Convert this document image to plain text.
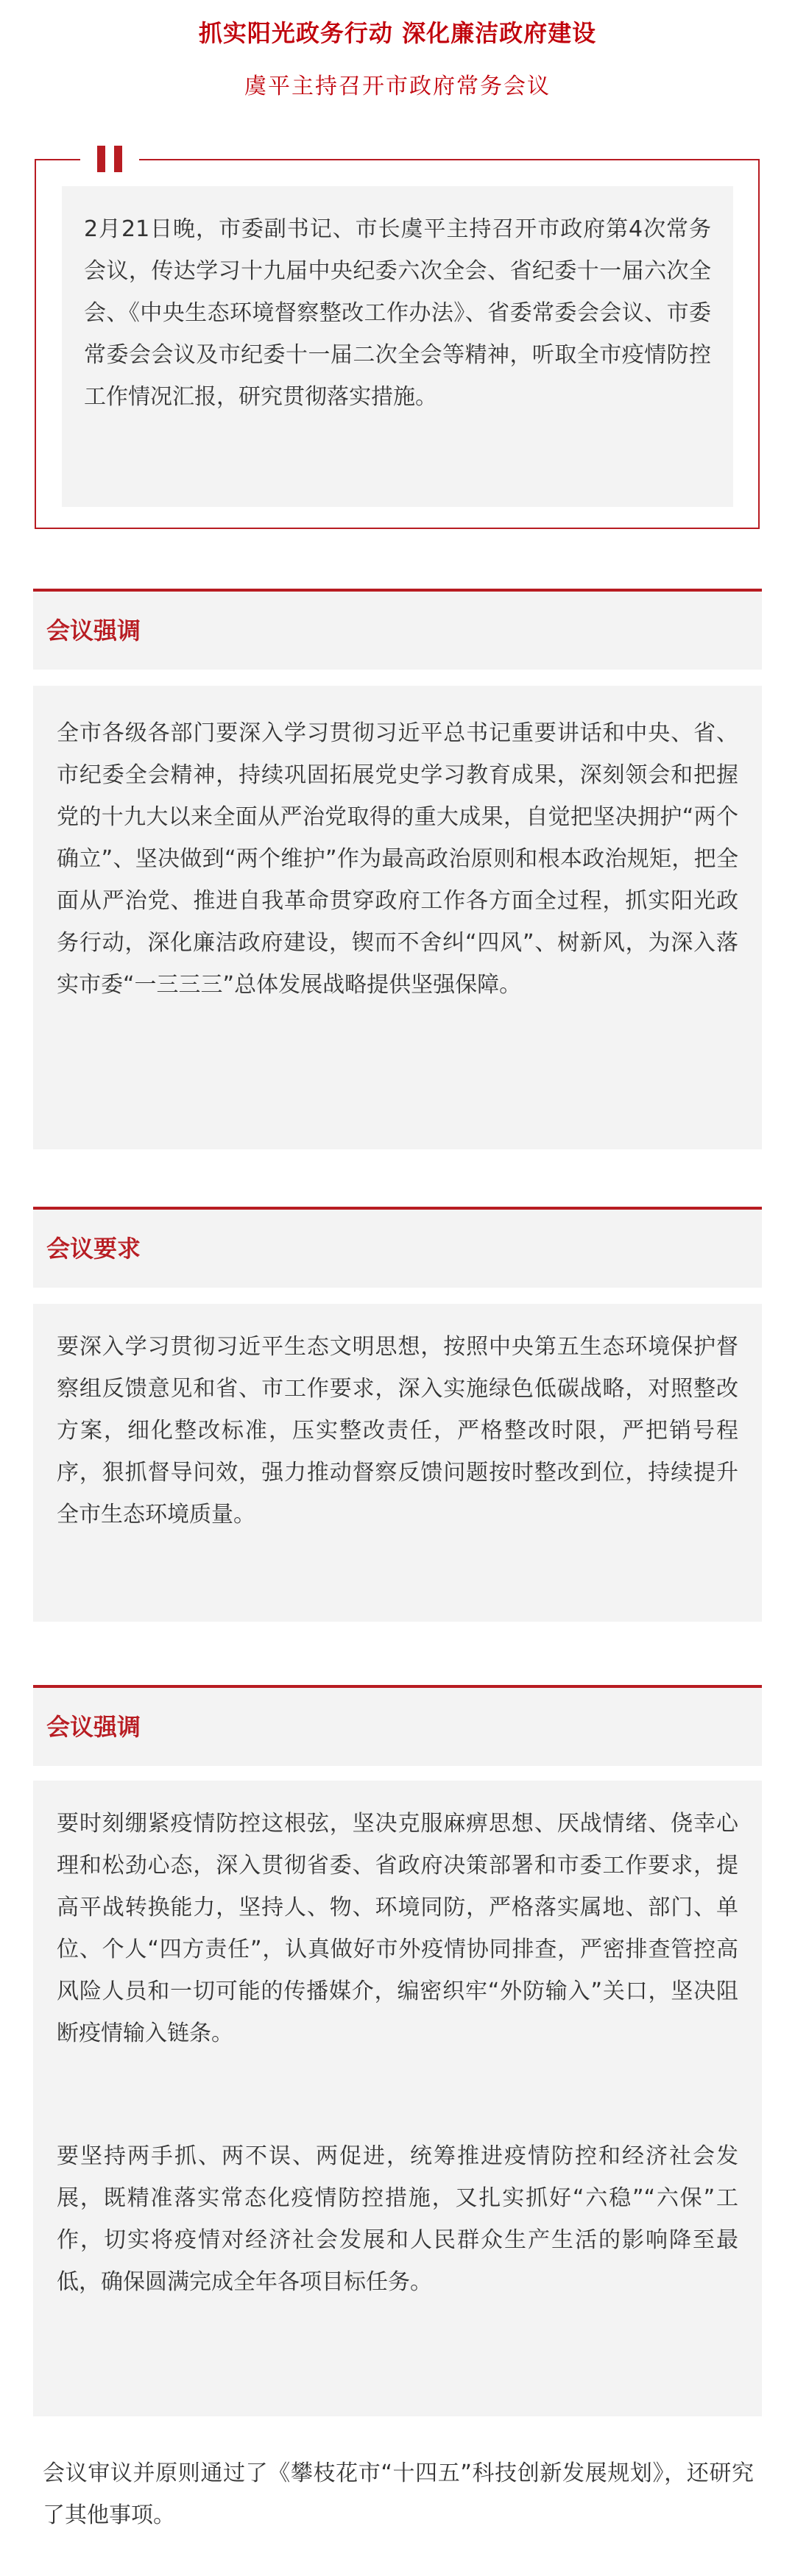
抓实阳光政务行动 深化廉洁政府建设
虞平主持召开市政府常务会议

2月21日晚，市委副书记、市长虞平主持召开市政府第4次常务会议，传达学习十九届中央纪委六次全会、省纪委十一届六次全会、《中央生态环境督察整改工作办法》、省委常委会会议、市委常委会会议及市纪委十一届二次全会等精神，听取全市疫情防控工作情况汇报，研究贯彻落实措施。

会议强调

全市各级各部门要深入学习贯彻习近平总书记重要讲话和中央、省、市纪委全会精神，持续巩固拓展党史学习教育成果，深刻领会和把握党的十九大以来全面从严治党取得的重大成果，自觉把坚决拥护“两个确立”、坚决做到“两个维护”作为最高政治原则和根本政治规矩，把全面从严治党、推进自我革命贯穿政府工作各方面全过程，抓实阳光政务行动，深化廉洁政府建设，锲而不舍纠“四风”、树新风，为深入落实市委“一三三三”总体发展战略提供坚强保障。

会议要求

要深入学习贯彻习近平生态文明思想，按照中央第五生态环境保护督察组反馈意见和省、市工作要求，深入实施绿色低碳战略，对照整改方案，细化整改标准，压实整改责任，严格整改时限，严把销号程序，狠抓督导问效，强力推动督察反馈问题按时整改到位，持续提升全市生态环境质量。

会议强调

要时刻绷紧疫情防控这根弦，坚决克服麻痹思想、厌战情绪、侥幸心理和松劲心态，深入贯彻省委、省政府决策部署和市委工作要求，提高平战转换能力，坚持人、物、环境同防，严格落实属地、部门、单位、个人“四方责任”，认真做好市外疫情协同排查，严密排查管控高风险人员和一切可能的传播媒介，编密织牢“外防输入”关口，坚决阻断疫情输入链条。

要坚持两手抓、两不误、两促进，统筹推进疫情防控和经济社会发展，既精准落实常态化疫情防控措施，又扎实抓好“六稳”“六保”工作，切实将疫情对经济社会发展和人民群众生产生活的影响降至最低，确保圆满完成全年各项目标任务。

会议审议并原则通过了《攀枝花市“十四五”科技创新发展规划》，还研究了其他事项。
